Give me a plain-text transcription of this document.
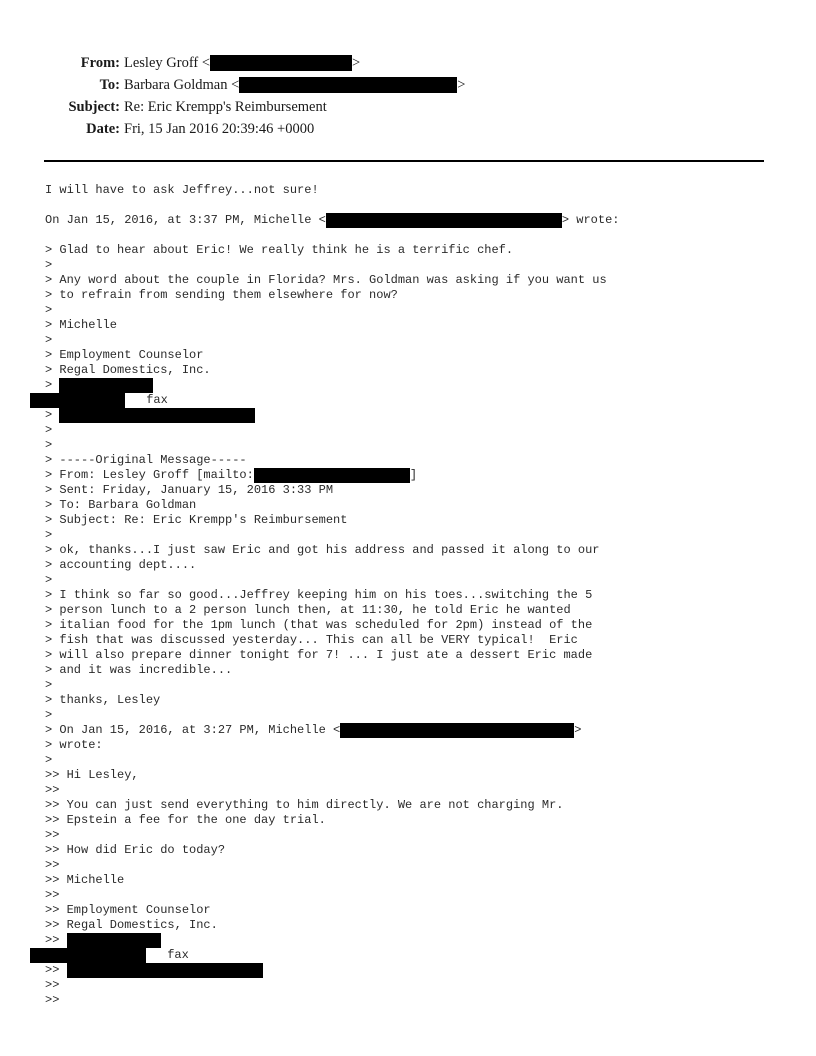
From: Lesley Groff <	>
To: Barbara Goldman <	>
Subject: Re: Eric Krempp's Reimbursement
Date: Fri, 15 Jan 2016 20:39:46 +0000
I will have to ask Jeffrey...not sure!
On Jan 15, 2016, at 3:37 PM, Michelle <	> wrote:
> Glad to hear about Eric! We really think he is a terrific chef.
>
> Any word about the couple in Florida? Mrs. Goldman was asking if you want us
> to refrain from sending them elsewhere for now?
>
> Michelle
>
> Employment Counselor
> Regal Domestics, Inc.
>
fax
>
>
>
> -----Original Message-----
> From: Lesley Groff [mailto:	]
> Sent: Friday, January 15, 2016 3:33 PM
> To: Barbara Goldman
> Subject: Re: Eric Krempp's Reimbursement
>
> ok, thanks...I just saw Eric and got his address and passed it along to our
> accounting dept....
>
> I think so far so good...Jeffrey keeping him on his toes...switching the 5
> person lunch to a 2 person lunch then, at 11:30, he told Eric he wanted
> italian food for the 1pm lunch (that was scheduled for 2pm) instead of the
> fish that was discussed yesterday... This can all be VERY typical!  Eric
> will also prepare dinner tonight for 7! ... I just ate a dessert Eric made
> and it was incredible...
>
> thanks, Lesley
>
> On Jan 15, 2016, at 3:27 PM, Michelle <	>
> wrote:
>
>> Hi Lesley,
>>
>> You can just send everything to him directly. We are not charging Mr.
>> Epstein a fee for the one day trial.
>>
>> How did Eric do today?
>>
>> Michelle
>>
>> Employment Counselor
>> Regal Domestics, Inc.
>>
fax
>>
>>
>>
